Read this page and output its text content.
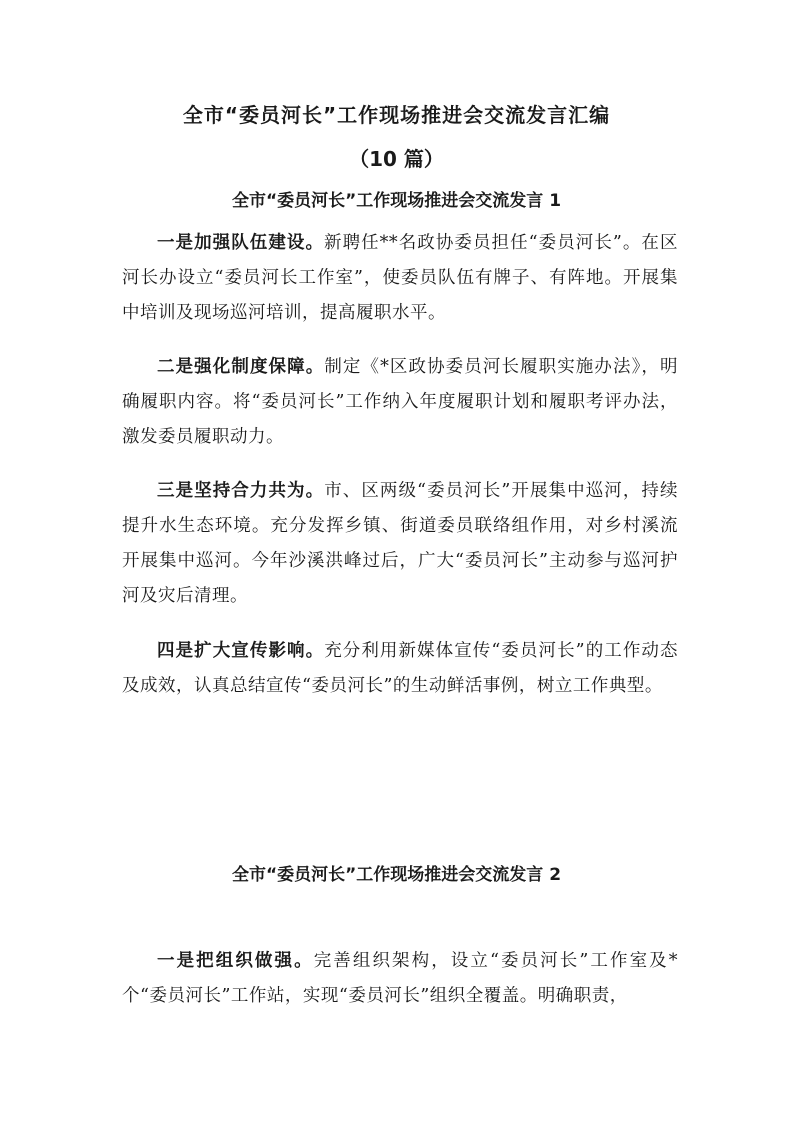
全市“委员河长”工作现场推进会交流发言汇编
（10 篇）
全市“委员河长”工作现场推进会交流发言 1

一是加强队伍建设。新聘任**名政协委员担任“委员河长”。在区河长办设立“委员河长工作室”，使委员队伍有牌子、有阵地。开展集中培训及现场巡河培训，提高履职水平。

二是强化制度保障。制定《*区政协委员河长履职实施办法》，明确履职内容。将“委员河长”工作纳入年度履职计划和履职考评办法，激发委员履职动力。

三是坚持合力共为。市、区两级“委员河长”开展集中巡河，持续提升水生态环境。充分发挥乡镇、街道委员联络组作用，对乡村溪流开展集中巡河。今年沙溪洪峰过后，广大“委员河长”主动参与巡河护河及灾后清理。

四是扩大宣传影响。充分利用新媒体宣传“委员河长”的工作动态及成效，认真总结宣传“委员河长”的生动鲜活事例，树立工作典型。

全市“委员河长”工作现场推进会交流发言 2

一是把组织做强。完善组织架构，设立“委员河长”工作室及*个“委员河长”工作站，实现“委员河长”组织全覆盖。明确职责，
